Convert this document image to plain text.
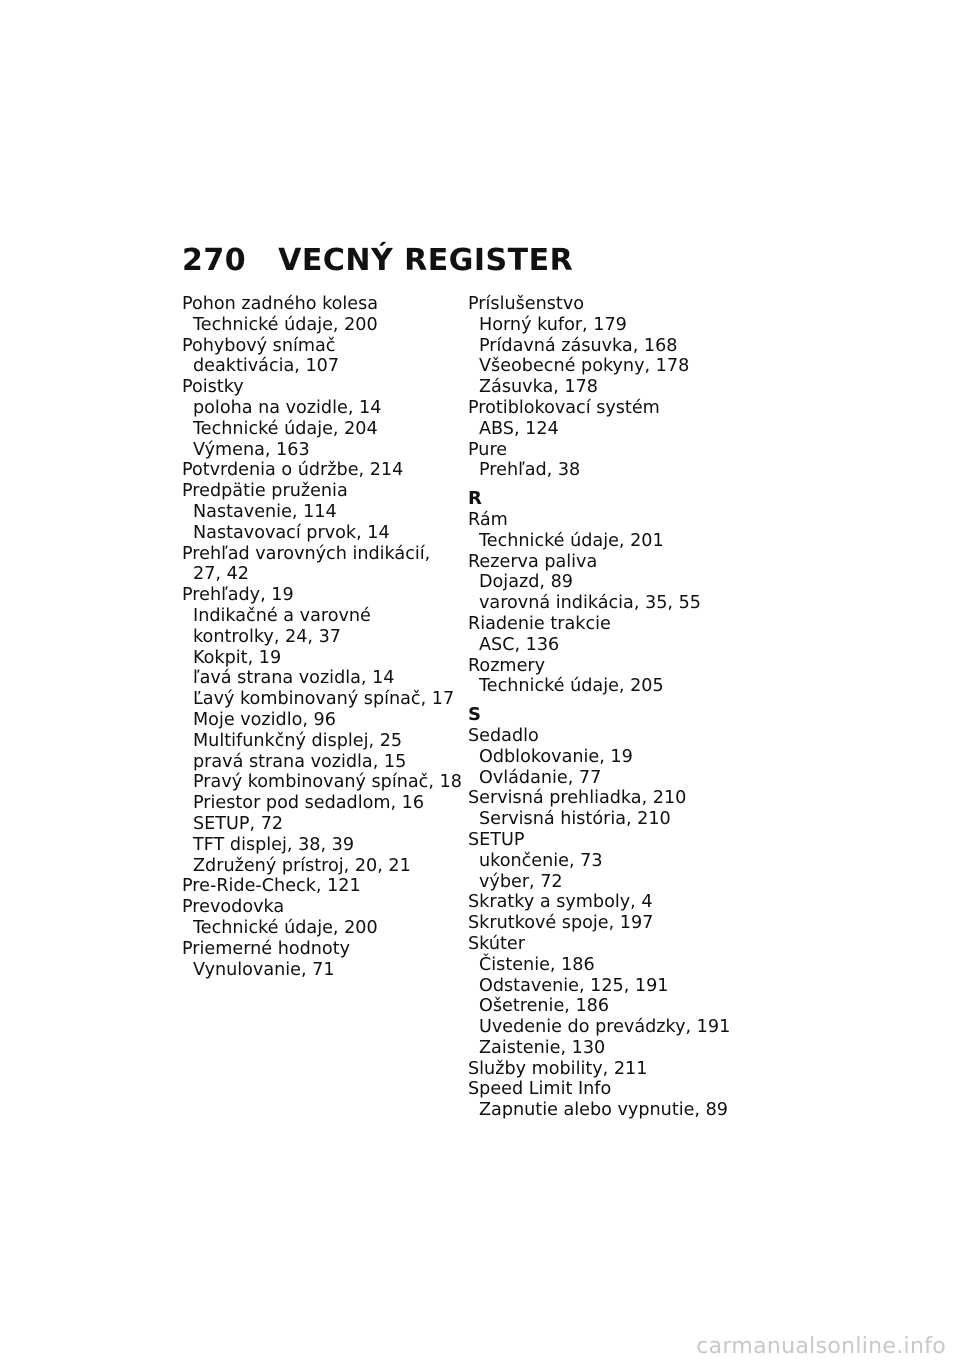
270 VECNÝ REGISTER
Pohon zadného kolesa
Technické údaje, 200
Pohybový snímač
deaktivácia, 107
Poistky
poloha na vozidle, 14
Technické údaje, 204
Výmena, 163
Potvrdenia o údržbe, 214
Predpätie pruženia
Nastavenie, 114
Nastavovací prvok, 14
Prehľad varovných indikácií, 27, 42
Prehľady, 19
Indikačné a varovné kontrolky, 24, 37
Kokpit, 19
ľavá strana vozidla, 14
Ľavý kombinovaný spínač, 17
Moje vozidlo, 96
Multifunkčný displej, 25
pravá strana vozidla, 15
Pravý kombinovaný spínač, 18
Priestor pod sedadlom, 16
SETUP, 72
TFT displej, 38, 39
Združený prístroj, 20, 21
Pre-Ride-Check, 121
Prevodovka
Technické údaje, 200
Priemerné hodnoty
Vynulovanie, 71
Príslušenstvo
Horný kufor, 179
Prídavná zásuvka, 168
Všeobecné pokyny, 178
Zásuvka, 178
Protiblokovací systém
ABS, 124
Pure
Prehľad, 38
R
Rám
Technické údaje, 201
Rezerva paliva
Dojazd, 89
varovná indikácia, 35, 55
Riadenie trakcie
ASC, 136
Rozmery
Technické údaje, 205
S
Sedadlo
Odblokovanie, 19
Ovládanie, 77
Servisná prehliadka, 210
Servisná história, 210
SETUP
ukončenie, 73
výber, 72
Skratky a symboly, 4
Skrutkové spoje, 197
Skúter
Čistenie, 186
Odstavenie, 125, 191
Ošetrenie, 186
Uvedenie do prevádzky, 191
Zaistenie, 130
Služby mobility, 211
Speed Limit Info
Zapnutie alebo vypnutie, 89
carmanualsonline.info
